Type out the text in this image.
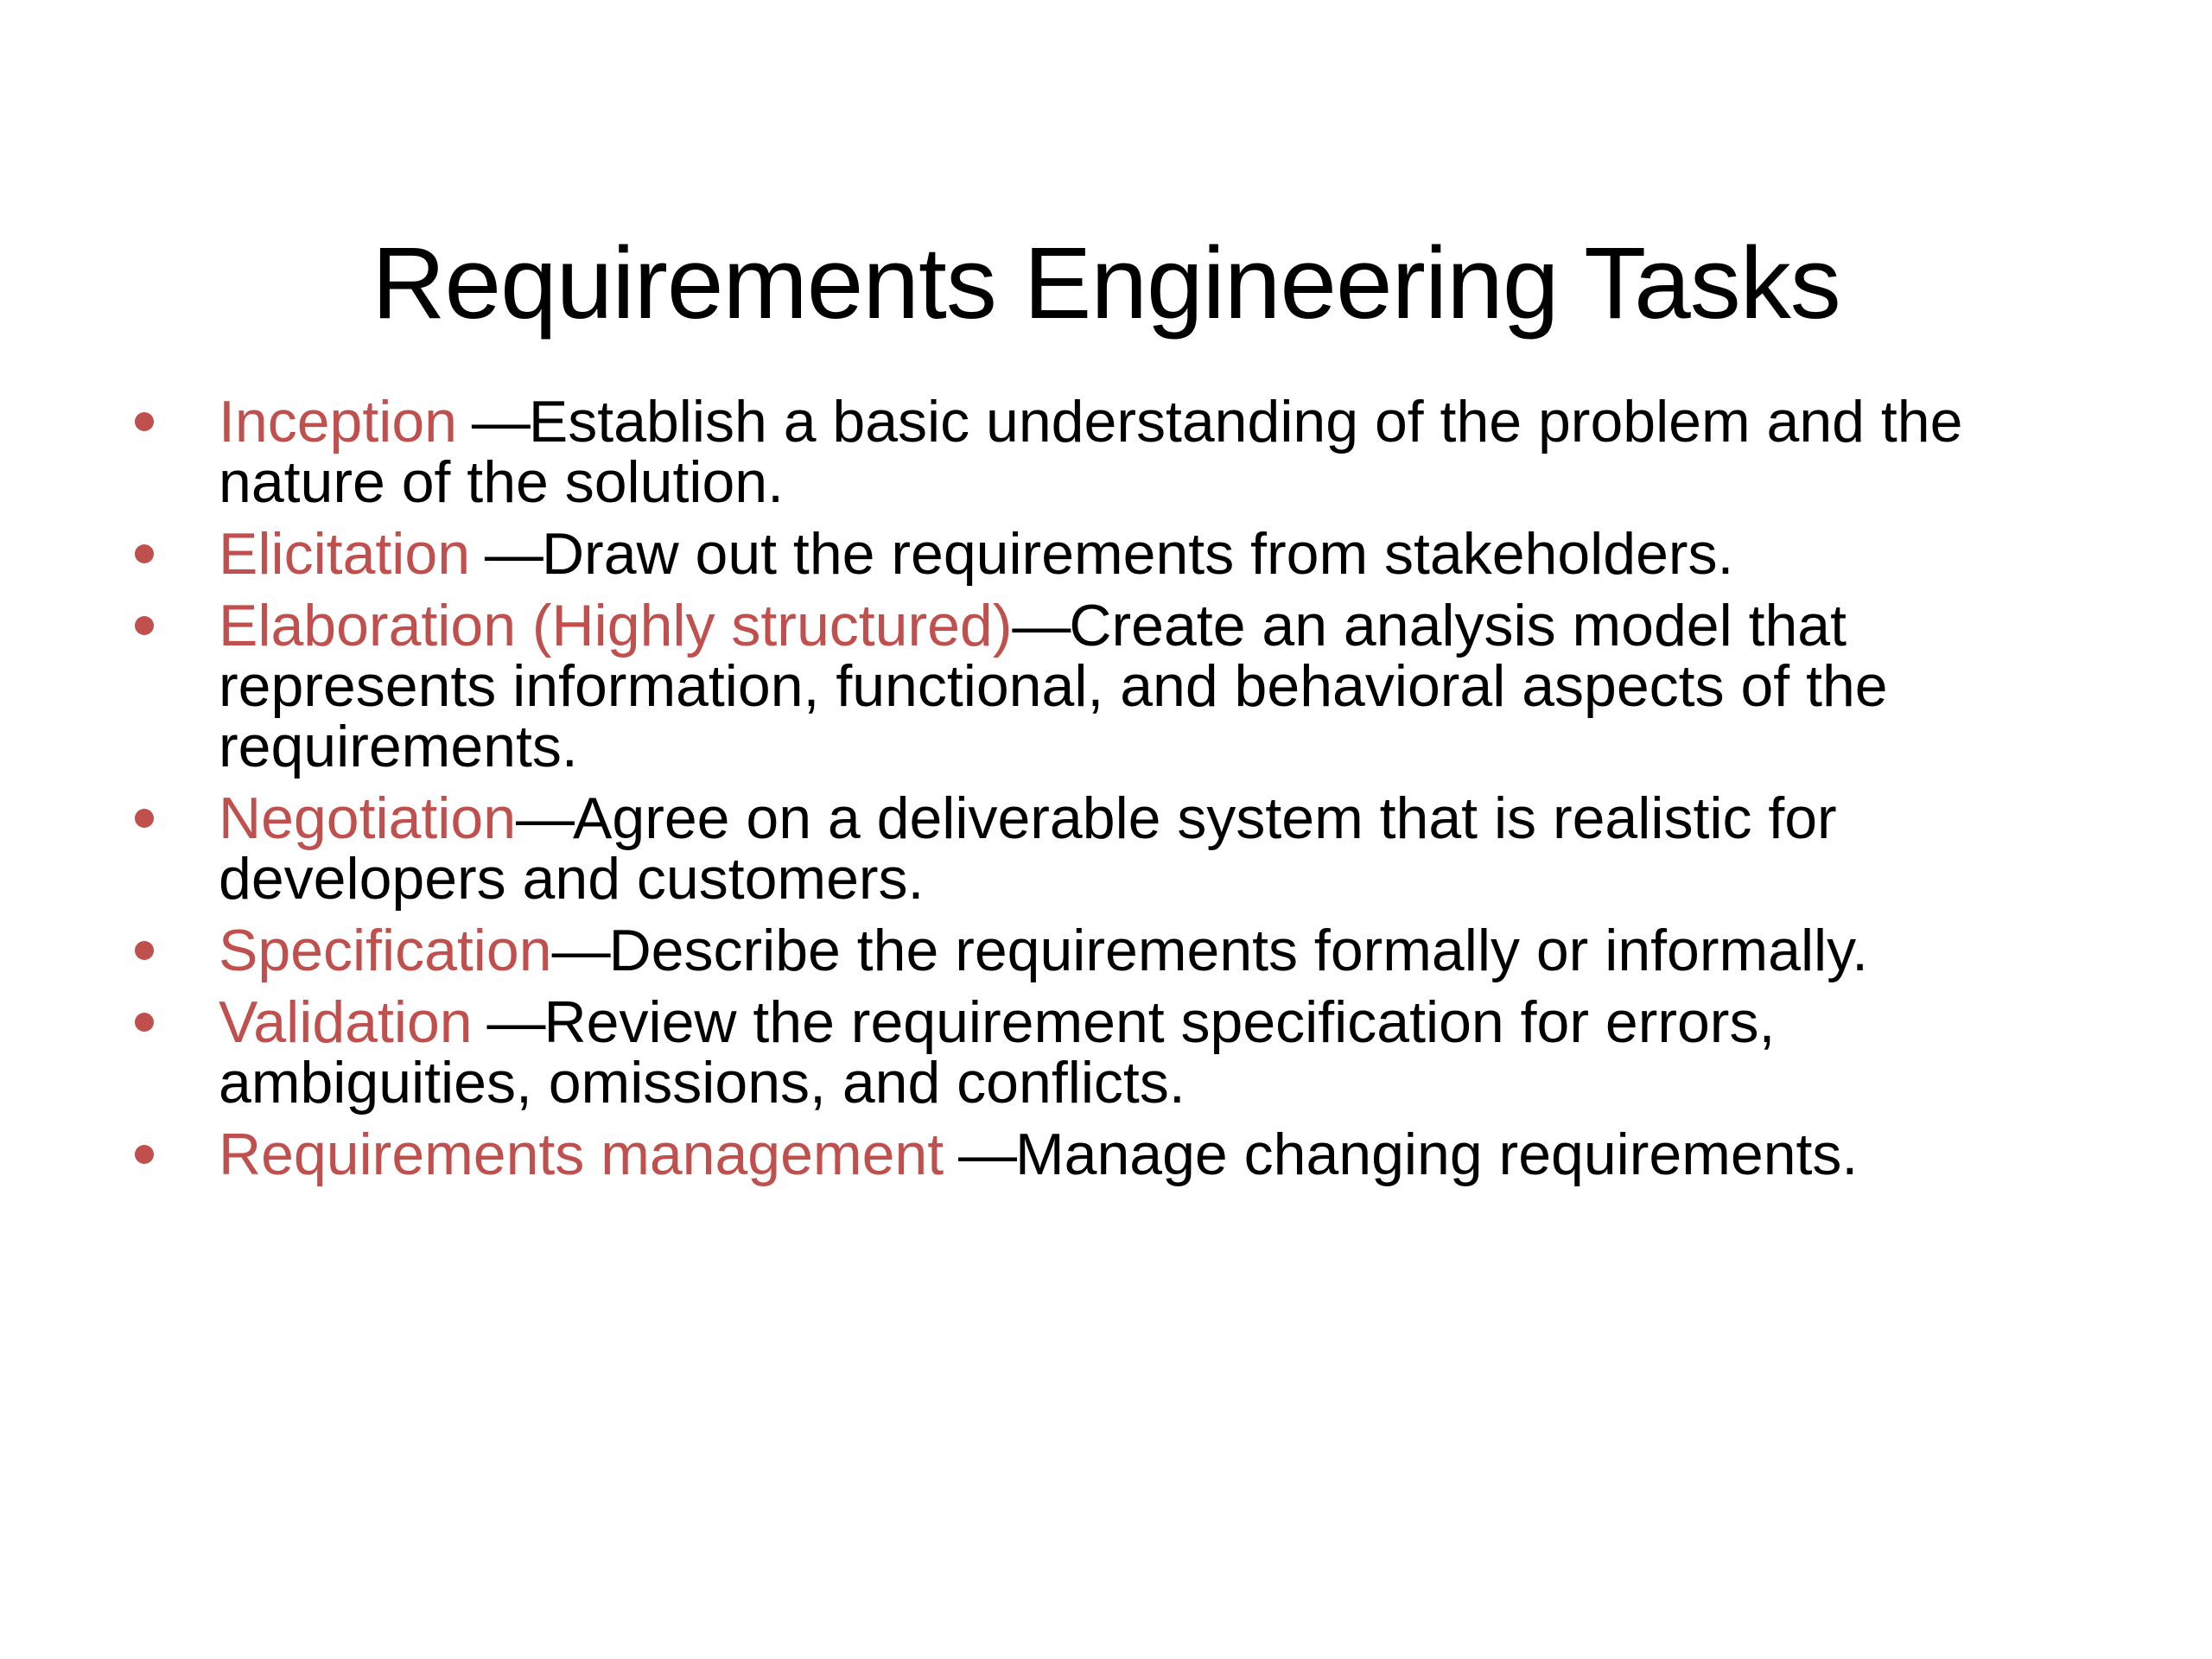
Requirements Engineering Tasks
Inception —Establish a basic understanding of the problem and the nature of the solution.
Elicitation —Draw out the requirements from stakeholders.
Elaboration (Highly structured)—Create an analysis model that represents information, functional, and behavioral aspects of the requirements.
Negotiation—Agree on a deliverable system that is realistic for developers and customers.
Specification—Describe the requirements formally or informally.
Validation —Review the requirement specification for errors, ambiguities, omissions, and conflicts.
Requirements management —Manage changing requirements.
